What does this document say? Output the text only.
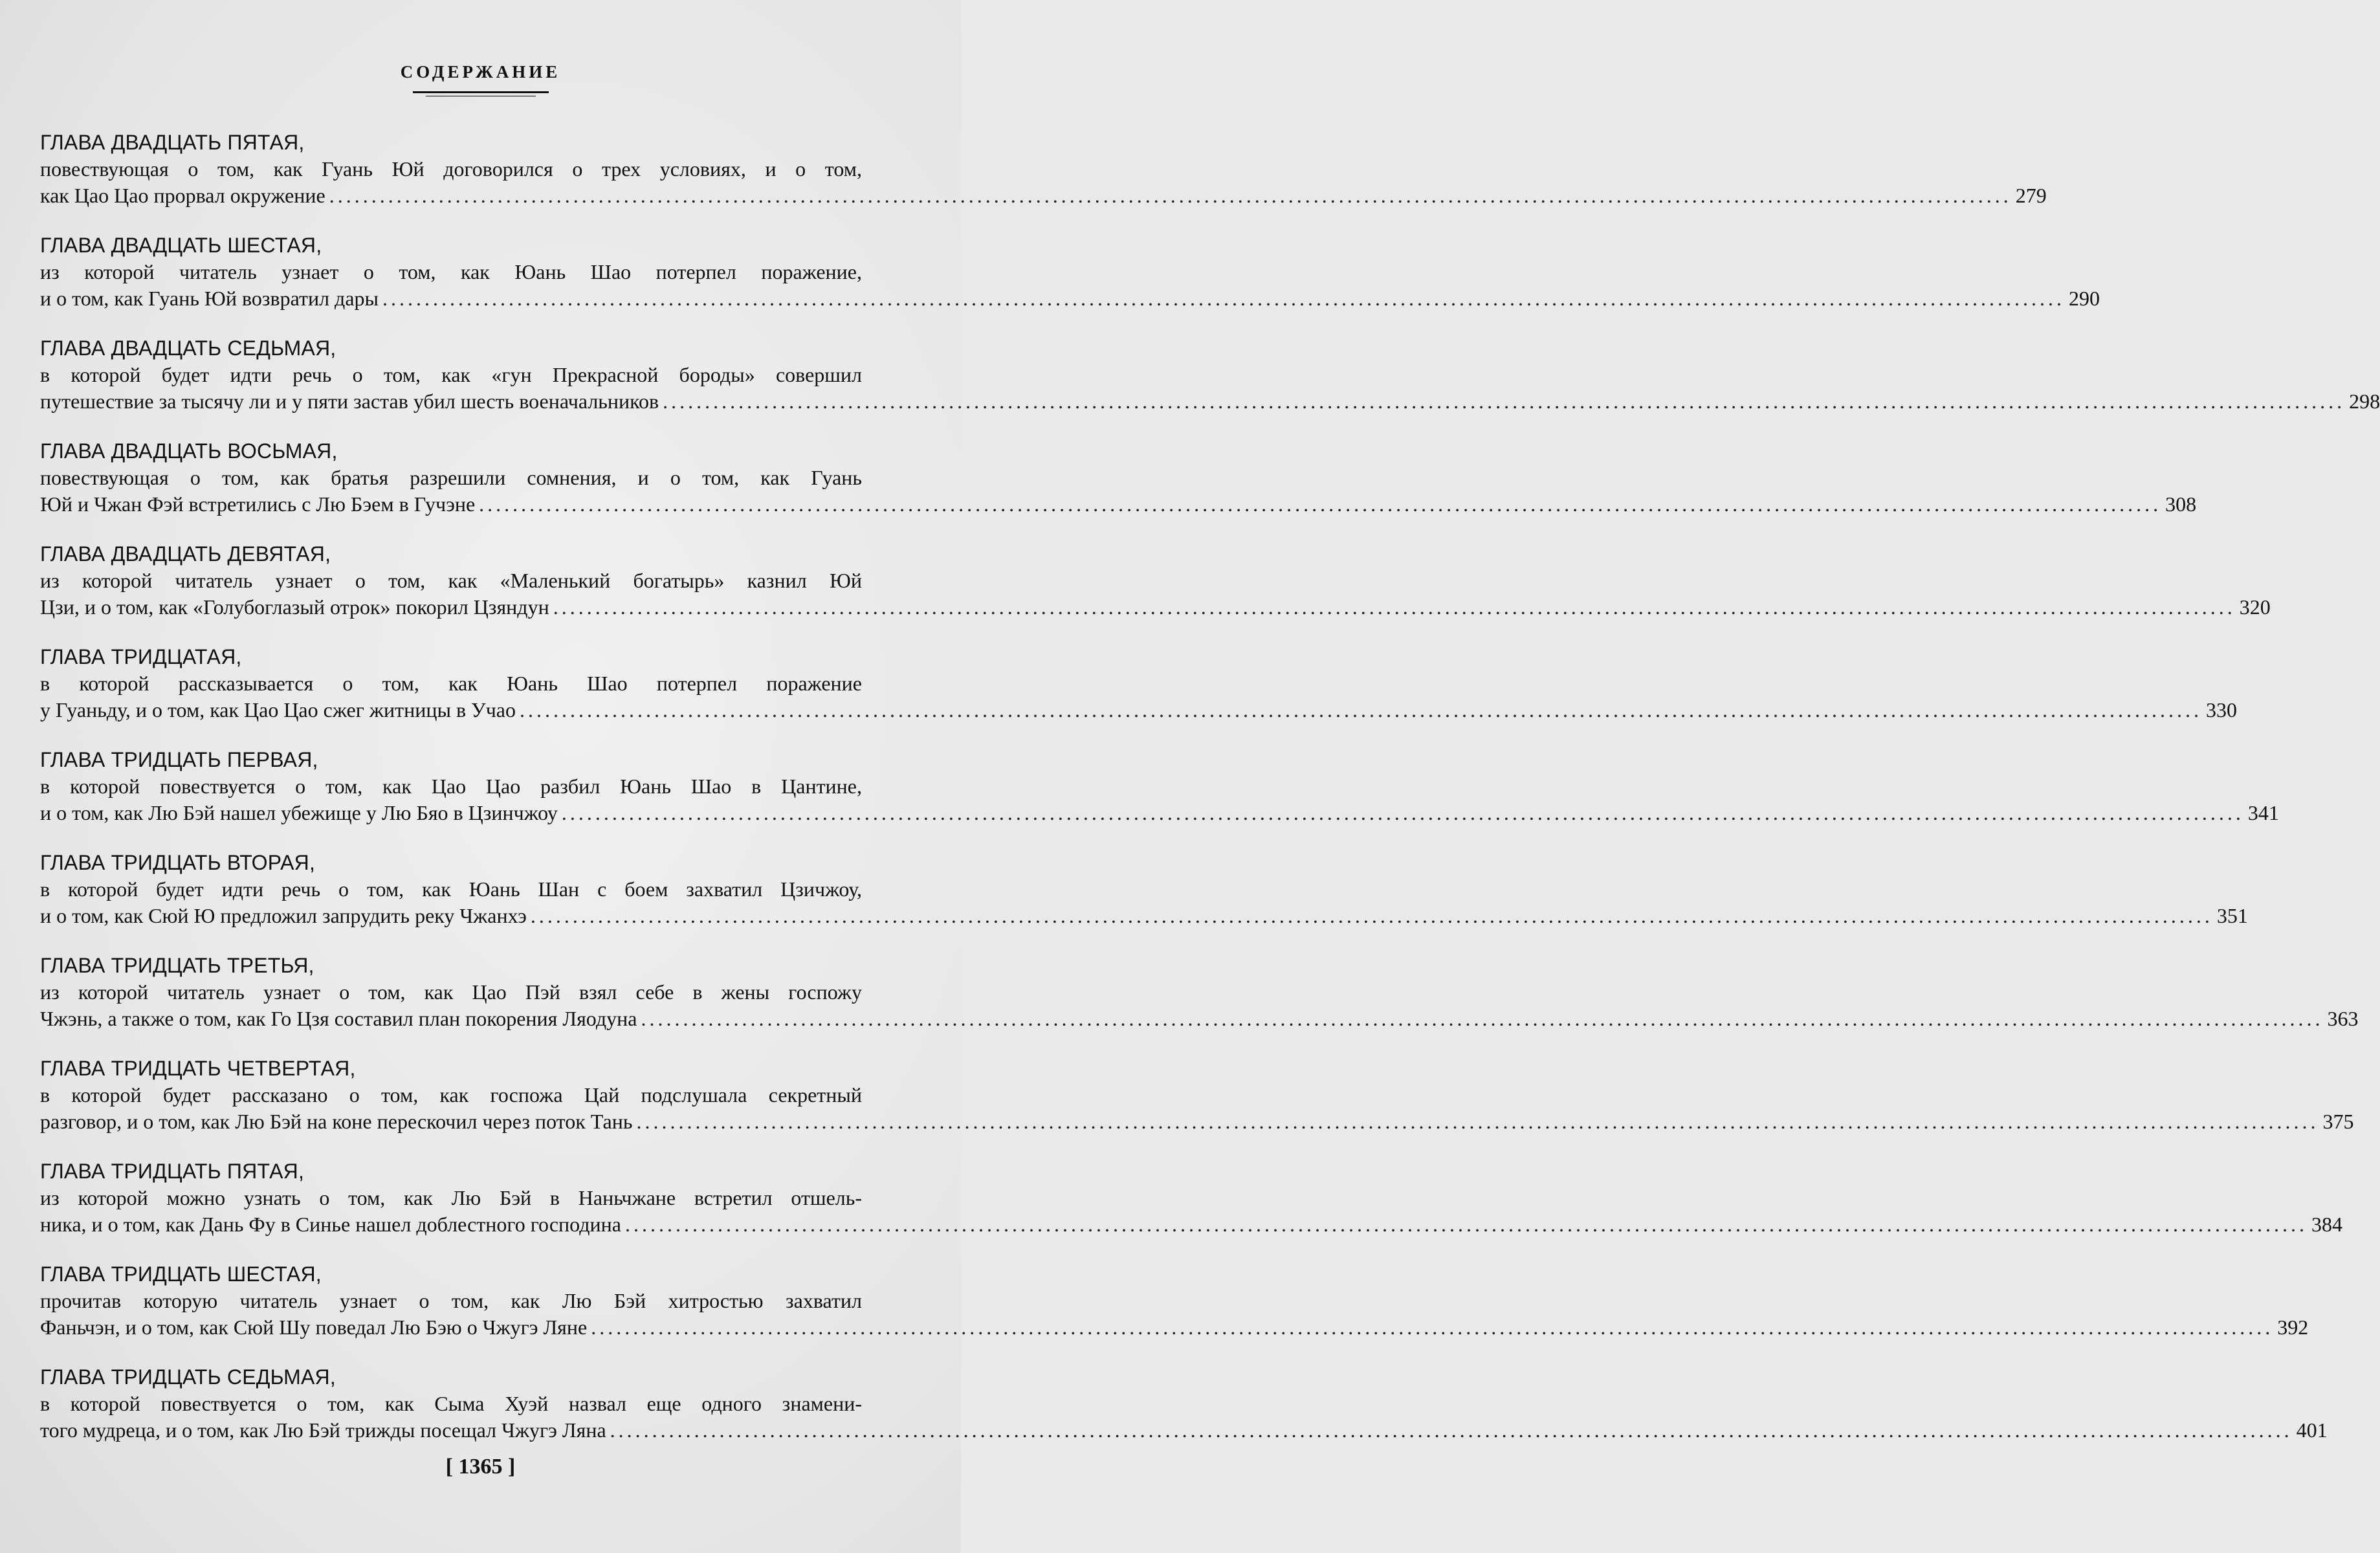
СОДЕРЖАНИЕ
ГЛАВА ДВАДЦАТЬ ПЯТАЯ,
повествующая о том, как Гуань Юй договорился о трех условиях, и о том,
как Цао Цао прорвал окружение ........................................................................................................................................................................................................ 279
ГЛАВА ДВАДЦАТЬ ШЕСТАЯ,
из которой читатель узнает о том, как Юань Шао потерпел поражение,
и о том, как Гуань Юй возвратил дары ........................................................................................................................................................................................................ 290
ГЛАВА ДВАДЦАТЬ СЕДЬМАЯ,
в которой будет идти речь о том, как «гун Прекрасной бороды» совершил
путешествие за тысячу ли и у пяти застав убил шесть военачальников ........................................................................................................................................................................................................ 298
ГЛАВА ДВАДЦАТЬ ВОСЬМАЯ,
повествующая о том, как братья разрешили сомнения, и о том, как Гуань
Юй и Чжан Фэй встретились с Лю Бэем в Гучэне ........................................................................................................................................................................................................ 308
ГЛАВА ДВАДЦАТЬ ДЕВЯТАЯ,
из которой читатель узнает о том, как «Маленький богатырь» казнил Юй
Цзи, и о том, как «Голубоглазый отрок» покорил Цзяндун ........................................................................................................................................................................................................ 320
ГЛАВА ТРИДЦАТАЯ,
в которой рассказывается о том, как Юань Шао потерпел поражение
у Гуаньду, и о том, как Цао Цао сжег житницы в Учао ........................................................................................................................................................................................................ 330
ГЛАВА ТРИДЦАТЬ ПЕРВАЯ,
в которой повествуется о том, как Цао Цао разбил Юань Шао в Цантине,
и о том, как Лю Бэй нашел убежище у Лю Бяо в Цзинчжоу ........................................................................................................................................................................................................ 341
ГЛАВА ТРИДЦАТЬ ВТОРАЯ,
в которой будет идти речь о том, как Юань Шан с боем захватил Цзичжоу,
и о том, как Сюй Ю предложил запрудить реку Чжанхэ ........................................................................................................................................................................................................ 351
ГЛАВА ТРИДЦАТЬ ТРЕТЬЯ,
из которой читатель узнает о том, как Цао Пэй взял себе в жены госпожу
Чжэнь, а также о том, как Го Цзя составил план покорения Ляодуна ........................................................................................................................................................................................................ 363
ГЛАВА ТРИДЦАТЬ ЧЕТВЕРТАЯ,
в которой будет рассказано о том, как госпожа Цай подслушала секретный
разговор, и о том, как Лю Бэй на коне перескочил через поток Тань ........................................................................................................................................................................................................ 375
ГЛАВА ТРИДЦАТЬ ПЯТАЯ,
из которой можно узнать о том, как Лю Бэй в Наньчжане встретил отшель-
ника, и о том, как Дань Фу в Синье нашел доблестного господина ........................................................................................................................................................................................................ 384
ГЛАВА ТРИДЦАТЬ ШЕСТАЯ,
прочитав которую читатель узнает о том, как Лю Бэй хитростью захватил
Фаньчэн, и о том, как Сюй Шу поведал Лю Бэю о Чжугэ Ляне ........................................................................................................................................................................................................ 392
ГЛАВА ТРИДЦАТЬ СЕДЬМАЯ,
в которой повествуется о том, как Сыма Хуэй назвал еще одного знамени-
того мудреца, и о том, как Лю Бэй трижды посещал Чжугэ Ляна ........................................................................................................................................................................................................ 401
[ 1365 ]
